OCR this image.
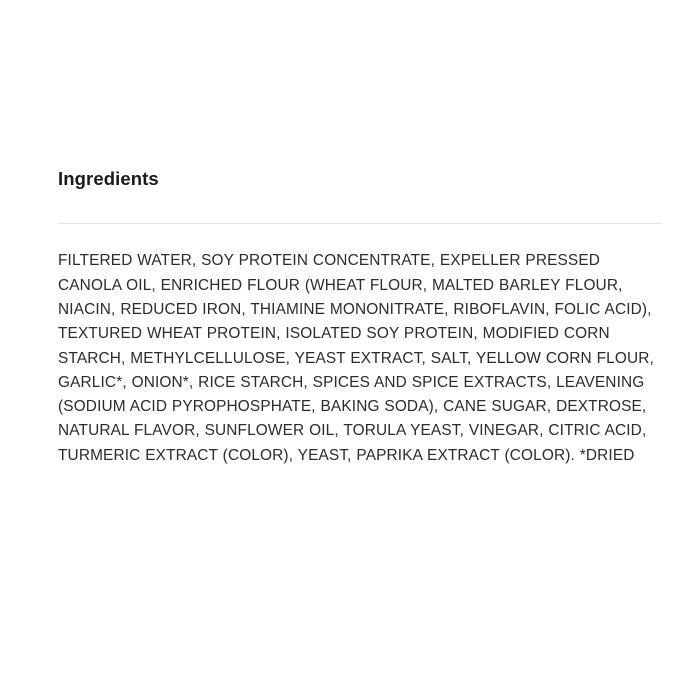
Ingredients

FILTERED WATER, SOY PROTEIN CONCENTRATE, EXPELLER PRESSED CANOLA OIL, ENRICHED FLOUR (WHEAT FLOUR, MALTED BARLEY FLOUR, NIACIN, REDUCED IRON, THIAMINE MONONITRATE, RIBOFLAVIN, FOLIC ACID), TEXTURED WHEAT PROTEIN, ISOLATED SOY PROTEIN, MODIFIED CORN STARCH, METHYLCELLULOSE, YEAST EXTRACT, SALT, YELLOW CORN FLOUR, GARLIC*, ONION*, RICE STARCH, SPICES AND SPICE EXTRACTS, LEAVENING (SODIUM ACID PYROPHOSPHATE, BAKING SODA), CANE SUGAR, DEXTROSE, NATURAL FLAVOR, SUNFLOWER OIL, TORULA YEAST, VINEGAR, CITRIC ACID, TURMERIC EXTRACT (COLOR), YEAST, PAPRIKA EXTRACT (COLOR). *DRIED
